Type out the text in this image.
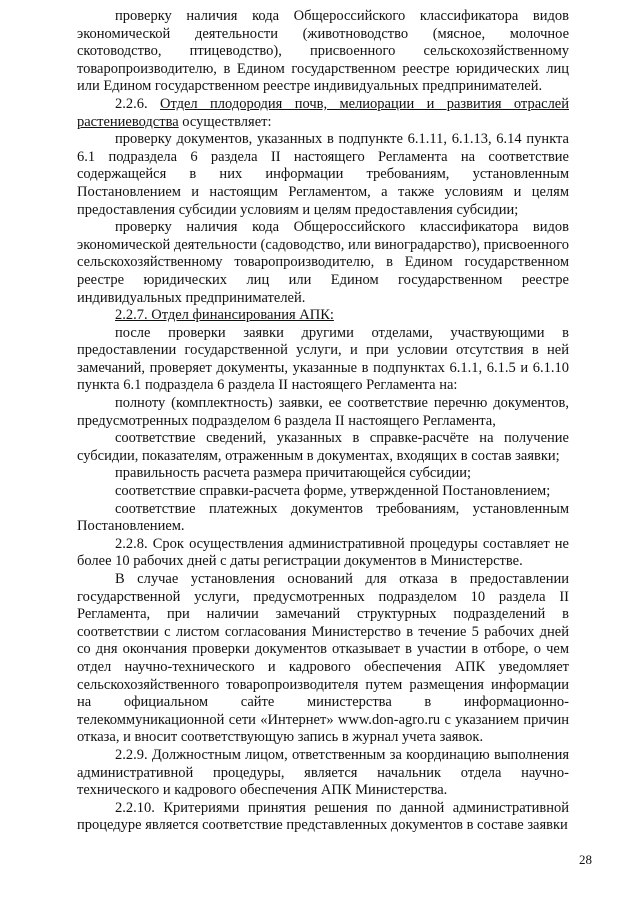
проверку наличия кода Общероссийского классификатора видов экономической деятельности (животноводство (мясное, молочное скотоводство, птицеводство), присвоенного сельскохозяйственному товаропроизводителю, в Едином государственном реестре юридических лиц или Едином государственном реестре индивидуальных предпринимателей.

2.2.6. Отдел плодородия почв, мелиорации и развития отраслей растениеводства осуществляет:

проверку документов, указанных в подпункте 6.1.11, 6.1.13, 6.14 пункта 6.1 подраздела 6 раздела II настоящего Регламента на соответствие содержащейся в них информации требованиям, установленным Постановлением и настоящим Регламентом, а также условиям и целям предоставления субсидии условиям и целям предоставления субсидии;

проверку наличия кода Общероссийского классификатора видов экономической деятельности (садоводство, или виноградарство), присвоенного сельскохозяйственному товаропроизводителю, в Едином государственном реестре юридических лиц или Едином государственном реестре индивидуальных предпринимателей.

2.2.7. Отдел финансирования АПК:

после проверки заявки другими отделами, участвующими в предоставлении государственной услуги, и при условии отсутствия в ней замечаний, проверяет документы, указанные в подпунктах 6.1.1, 6.1.5 и 6.1.10 пункта 6.1 подраздела 6 раздела II настоящего Регламента на:

полноту (комплектность) заявки, ее соответствие перечню документов, предусмотренных подразделом 6 раздела II настоящего Регламента,

соответствие сведений, указанных в справке-расчёте на получение субсидии, показателям, отраженным в документах, входящих в состав заявки;

правильность расчета размера причитающейся субсидии;

соответствие справки-расчета форме, утвержденной Постановлением;

соответствие платежных документов требованиям, установленным Постановлением.

2.2.8. Срок осуществления административной процедуры составляет не более 10 рабочих дней с даты регистрации документов в Министерстве.

В случае установления оснований для отказа в предоставлении государственной услуги, предусмотренных подразделом 10 раздела II Регламента, при наличии замечаний структурных подразделений в соответствии с листом согласования Министерство в течение 5 рабочих дней со дня окончания проверки документов отказывает в участии в отборе, о чем отдел научно-технического и кадрового обеспечения АПК уведомляет сельскохозяйственного товаропроизводителя путем размещения информации на официальном сайте министерства в информационно-телекоммуникационной сети «Интернет» www.don-agro.ru с указанием причин отказа, и вносит соответствующую запись в журнал учета заявок.

2.2.9. Должностным лицом, ответственным за координацию выполнения административной процедуры, является начальник отдела научно-технического и кадрового обеспечения АПК Министерства.

2.2.10. Критериями принятия решения по данной административной процедуре является соответствие представленных документов в составе заявки

28
